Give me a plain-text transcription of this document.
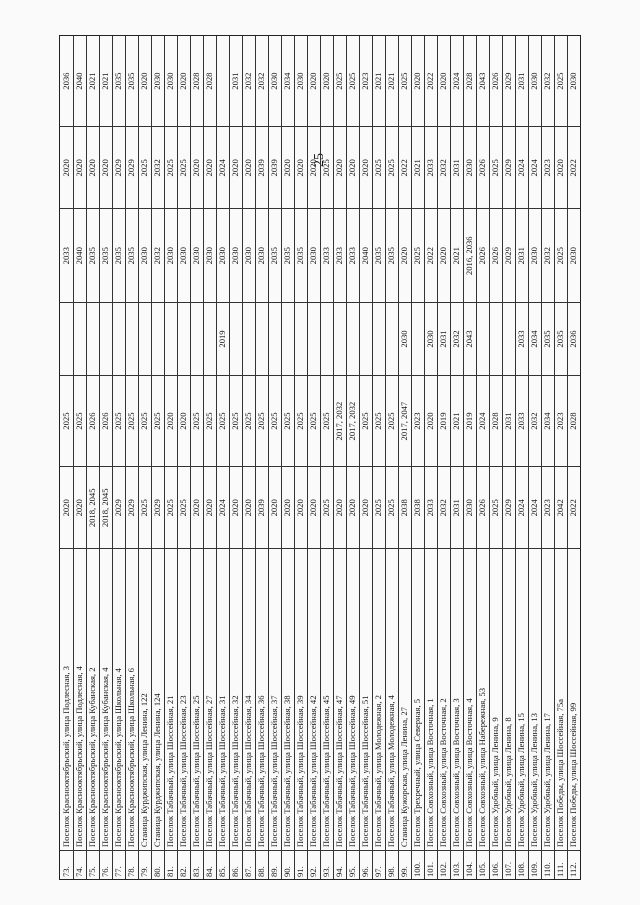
25
73.
Поселок Краснооктябрьский, улица Подлесная, 3
2020
2025
2033
2020
2036
74.
Поселок Краснооктябрьский, улица Подлесная, 4
2020
2025
2040
2020
2040
75.
Поселок Краснооктябрьский, улица Кубанская, 2
2018, 2045
2026
2035
2020
2021
76.
Поселок Краснооктябрьский, улица Кубанская, 4
2018, 2045
2026
2035
2020
2021
77.
Поселок Краснооктябрьский, улица Школьная, 4
2029
2025
2035
2029
2035
78.
Поселок Краснооктябрьский, улица Школьная, 6
2029
2025
2035
2029
2035
79.
Станица Курджипская, улица Ленина, 122
2025
2025
2030
2025
2020
80.
Станица Курджипская, улица Ленина, 124
2029
2025
2032
2032
2030
81.
Поселок Табачный, улица Шоссейная, 21
2025
2020
2030
2025
2030
82.
Поселок Табачный, улица Шоссейная, 23
2025
2020
2030
2025
2020
83.
Поселок Табачный, улица Шоссейная, 25
2020
2025
2030
2020
2028
84.
Поселок Табачный, улица Шоссейная, 27
2020
2025
2030
2020
2028
85.
Поселок Табачный, улица Шоссейная, 31
2024
2025
2019
2030
2024
86.
Поселок Табачный, улица Шоссейная, 32
2020
2025
2030
2020
2031
87.
Поселок Табачный, улица Шоссейная, 34
2020
2025
2030
2020
2032
88.
Поселок Табачный, улица Шоссейная, 36
2039
2025
2030
2039
2032
89.
Поселок Табачный, улица Шоссейная, 37
2020
2025
2035
2039
2030
90.
Поселок Табачный, улица Шоссейная, 38
2020
2025
2035
2020
2034
91.
Поселок Табачный, улица Шоссейная, 39
2020
2025
2035
2020
2030
92.
Поселок Табачный, улица Шоссейная, 42
2020
2025
2030
2020
2020
93.
Поселок Табачный, улица Шоссейная, 45
2025
2025
2033
2025
2020
94.
Поселок Табачный, улица Шоссейная, 47
2020
2017, 2032
2033
2020
2025
95.
Поселок Табачный, улица Шоссейная, 49
2020
2017, 2032
2033
2020
2025
96.
Поселок Табачный, улица Шоссейная, 51
2020
2025
2040
2020
2023
97.
Поселок Табачный, улица Молодежная, 2
2025
2025
2035
2025
2021
98.
Поселок Табачный, улица Молодежная, 4
2025
2025
2035
2025
2021
99.
Станица Кужорская, улица Ленина, 27
2038
2017, 2047
2030
2020
2022
2025
100.
Поселок Трехречный, улица Северная, 5
2038
2023
2025
2021
2020
101.
Поселок Совхозный, улица Восточная, 1
2033
2020
2030
2022
2033
2022
102.
Поселок Совхозный, улица Восточная, 2
2032
2019
2031
2020
2032
2020
103.
Поселок Совхозный, улица Восточная, 3
2031
2021
2032
2021
2031
2024
104.
Поселок Совхозный, улица Восточная, 4
2030
2019
2043
2016, 2036
2030
2028
105.
Поселок Совхозный, улица Набережная, 53
2026
2024
2026
2026
2043
106.
Поселок Удобный, улица Ленина, 9
2025
2028
2026
2025
2026
107.
Поселок Удобный, улица Ленина, 8
2029
2031
2029
2029
2029
108.
Поселок Удобный, улица Ленина, 15
2024
2033
2033
2031
2024
2031
109.
Поселок Удобный, улица Ленина, 13
2024
2032
2034
2030
2024
2030
110.
Поселок Удобный, улица Ленина, 17
2023
2034
2035
2032
2023
2032
111.
Поселок Победы, улица Шоссейная, 75а
2042
2023
2035
2025
2020
2025
112.
Поселок Победы, улица Шоссейная, 99
2022
2028
2036
2030
2022
2030
